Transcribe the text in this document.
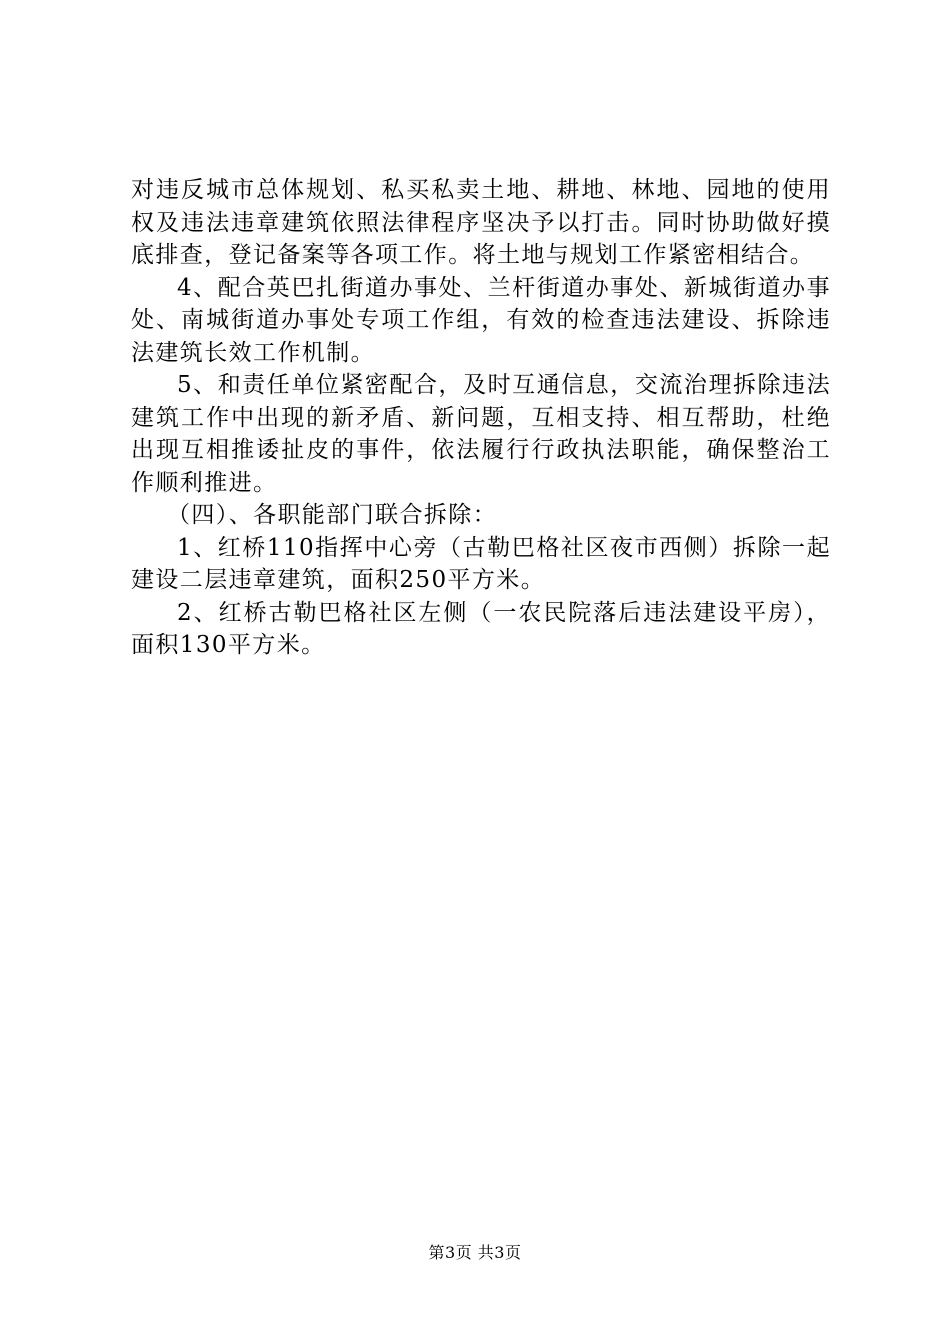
对违反城市总体规划、私买私卖土地、耕地、林地、园地的使用权及违法违章建筑依照法律程序坚决予以打击。同时协助做好摸底排查，登记备案等各项工作。将土地与规划工作紧密相结合。

4、配合英巴扎街道办事处、兰杆街道办事处、新城街道办事处、南城街道办事处专项工作组，有效的检查违法建设、拆除违法建筑长效工作机制。

5、和责任单位紧密配合，及时互通信息，交流治理拆除违法建筑工作中出现的新矛盾、新问题，互相支持、相互帮助，杜绝出现互相推诿扯皮的事件，依法履行行政执法职能，确保整治工作顺利推进。

（四）、各职能部门联合拆除：

1、红桥110指挥中心旁（古勒巴格社区夜市西侧）拆除一起建设二层违章建筑，面积250平方米。

2、红桥古勒巴格社区左侧（一农民院落后违法建设平房），面积130平方米。

第3页 共3页
